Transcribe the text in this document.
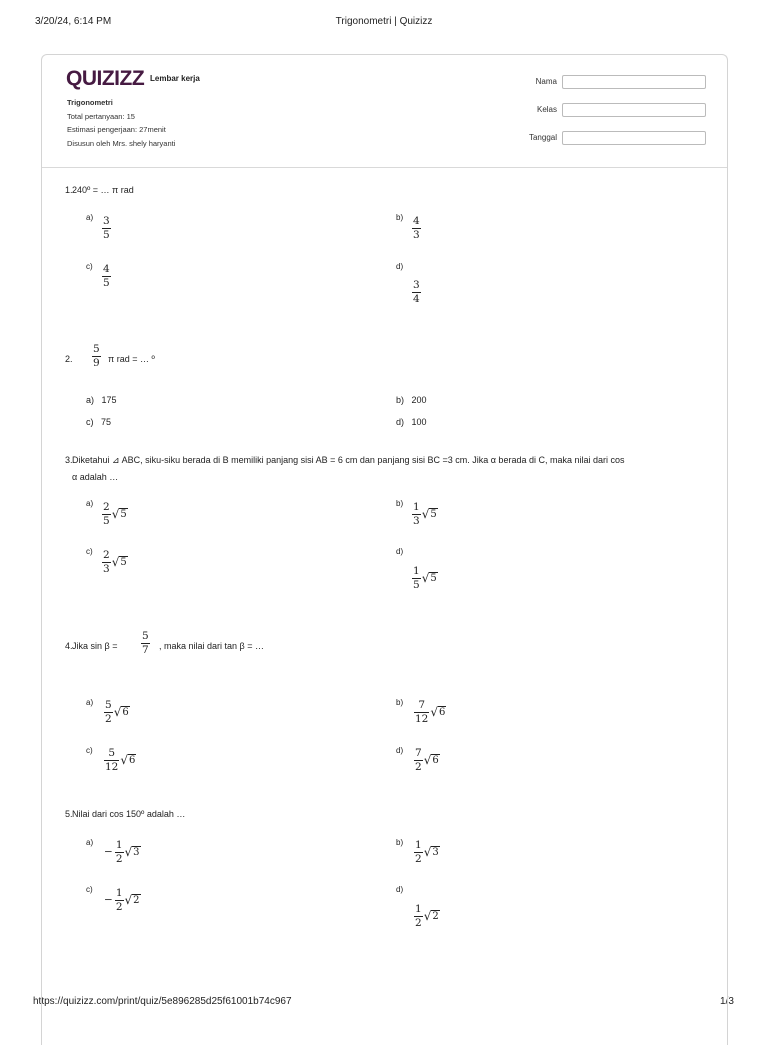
3/20/24, 6:14 PM	Trigonometri | Quizizz
https://quizizz.com/print/quiz/5e896285d25f61001b74c967	1/3
QUIZIZZ Lembar kerja
Trigonometri
Total pertanyaan: 15
Estimasi pengerjaan: 27menit
Disusun oleh Mrs. shely haryanti
Nama
Kelas
Tanggal
1. 240º = … π rad
a) 3
5
b) 4
3
c) 4
5
d)
3
4
2.
5
9 π rad = … º
a) 175	b) 200
c) 75	d) 100
3. Diketahui ⊿ ABC, siku-siku berada di B memiliki panjang sisi AB = 6 cm dan panjang sisi BC =3 cm. Jika α berada di C, maka nilai dari cos
α adalah …
a) 2
5 √ 5
b) 1
3 √ 5
c) 2
3 √ 5
d)
1
5 √ 5
4. Jika sin β =
5
7 , maka nilai dari tan β = …
a) 5
2 √ 6
b) 7
12 √ 6
c) 5
12 √ 6
d) 7
2 √ 6
5. Nilai dari cos 150º adalah …
a)
− $\frac{1}{2}$ √ 3
b) 1
2 √ 3
c)
− $\frac{1}{2}$ √ 2
d)
1
2 √ 2
